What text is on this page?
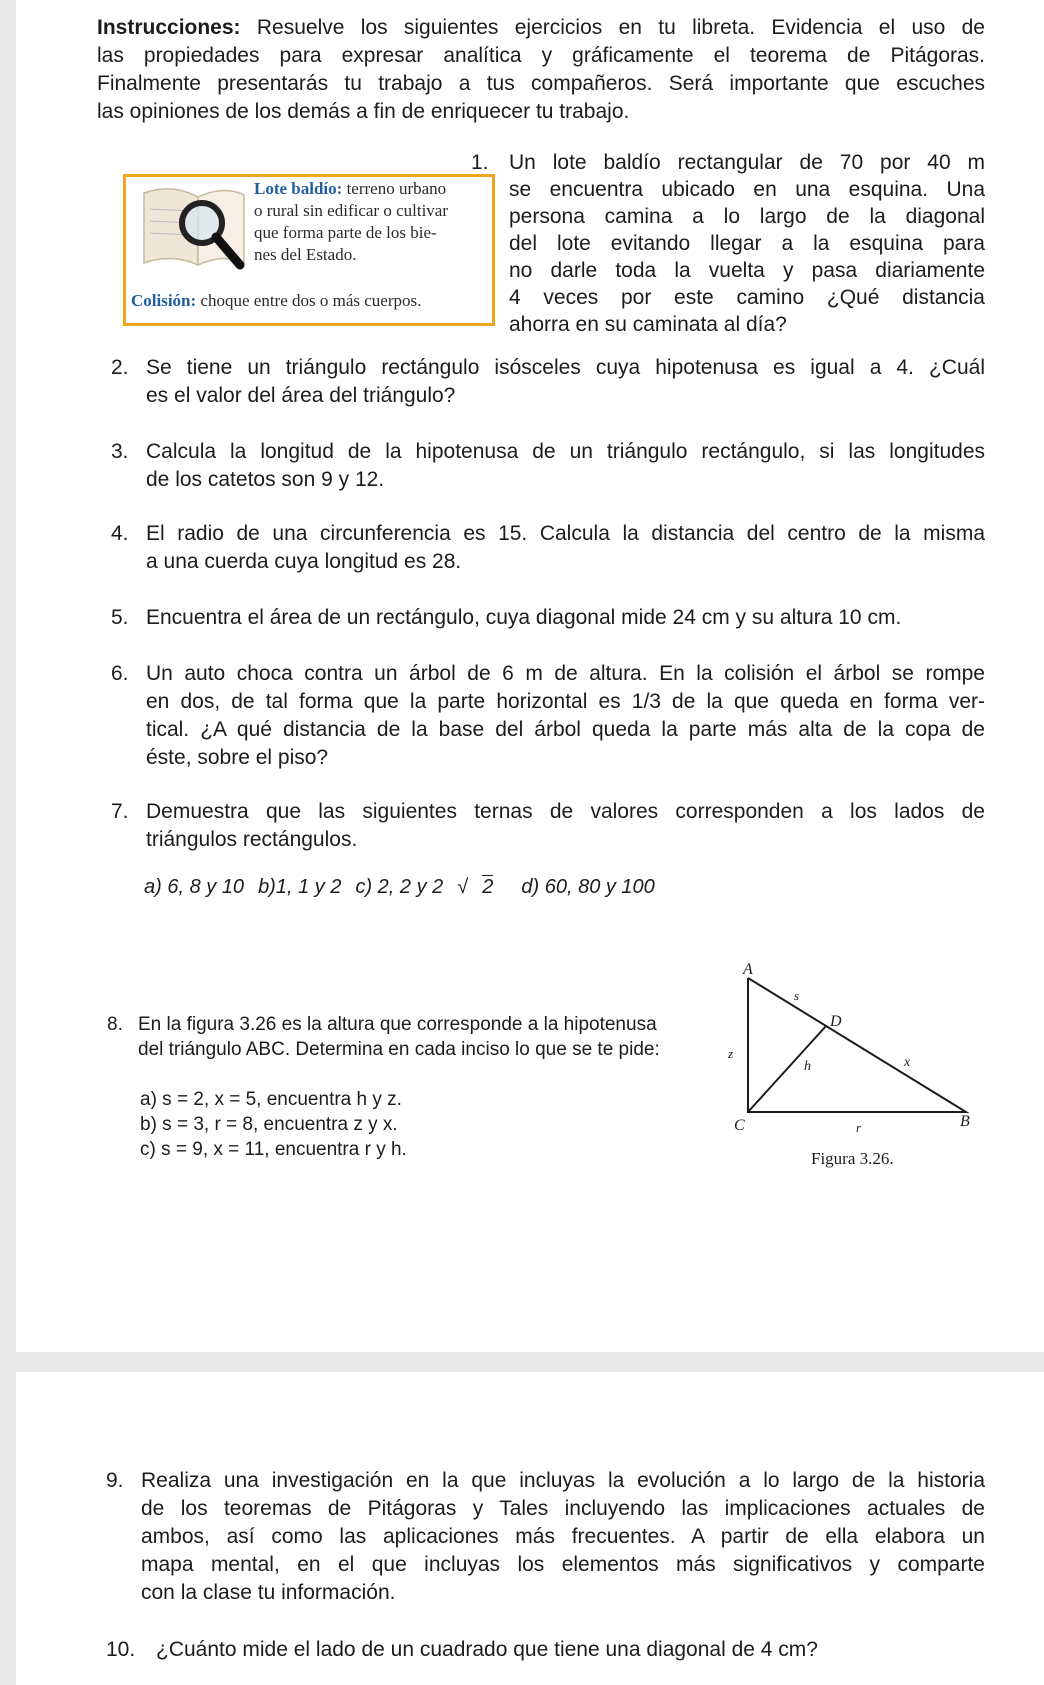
Instrucciones: Resuelve los siguientes ejercicios en tu libreta. Evidencia el uso de
las propiedades para expresar analítica y gráficamente el teorema de Pitágoras.
Finalmente presentarás tu trabajo a tus compañeros. Será importante que escuches
las opiniones de los demás a fin de enriquecer tu trabajo.
Lote baldío: terreno urbano
o rural sin edificar o cultivar
que forma parte de los bie-
nes del Estado.
Colisión: choque entre dos o más cuerpos.
1. Un lote baldío rectangular de 70 por 40 m
se encuentra ubicado en una esquina. Una
persona camina a lo largo de la diagonal
del lote evitando llegar a la esquina para
no darle toda la vuelta y pasa diariamente
4 veces por este camino ¿Qué distancia
ahorra en su caminata al día?
2. Se tiene un triángulo rectángulo isósceles cuya hipotenusa es igual a 4. ¿Cuál
es el valor del área del triángulo?
3. Calcula la longitud de la hipotenusa de un triángulo rectángulo, si las longitudes
de los catetos son 9 y 12.
4. El radio de una circunferencia es 15. Calcula la distancia del centro de la misma
a una cuerda cuya longitud es 28.
5. Encuentra el área de un rectángulo, cuya diagonal mide 24 cm y su altura 10 cm.
6. Un auto choca contra un árbol de 6 m de altura. En la colisión el árbol se rompe
en dos, de tal forma que la parte horizontal es 1/3 de la que queda en forma ver-
tical. ¿A qué distancia de la base del árbol queda la parte más alta de la copa de
éste, sobre el piso?
7. Demuestra que las siguientes ternas de valores corresponden a los lados de
triángulos rectángulos.
a) 6, 8 y 10 b)1, 1 y 2 c) 2, 2 y 2 √ 2 d) 60, 80 y 100
8. En la figura 3.26 es la altura que corresponde a la hipotenusa
del triángulo ABC. Determina en cada inciso lo que se te pide:
a) s = 2, x = 5, encuentra h y z.
b) s = 3, r = 8, encuentra z y x.
c) s = 9, x = 11, encuentra r y h.
A
B
C
D
s
x
z
h
r
Figura 3.26.
9. Realiza una investigación en la que incluyas la evolución a lo largo de la historia
de los teoremas de Pitágoras y Tales incluyendo las implicaciones actuales de
ambos, así como las aplicaciones más frecuentes. A partir de ella elabora un
mapa mental, en el que incluyas los elementos más significativos y comparte
con la clase tu información.
10. ¿Cuánto mide el lado de un cuadrado que tiene una diagonal de 4 cm?
